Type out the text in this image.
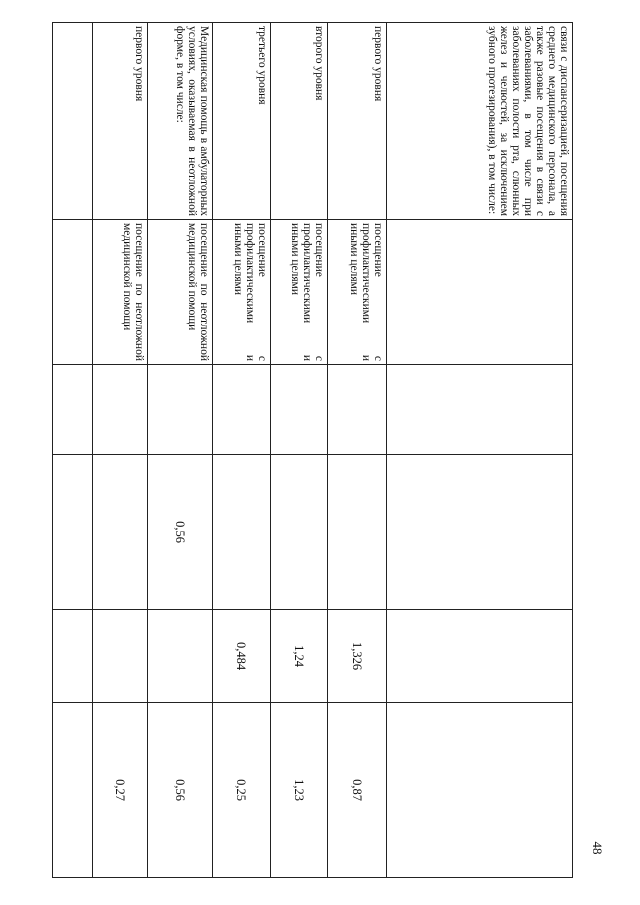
48
связи с диспансеризацией, посещения среднего медицинского персонала, а также разовые посещения в связи с заболеваниями, в том числе при заболеваниях полости рта, слюнных желез и челюстей, за исключением зубного протезирования), в том числе:					
первого уровня	посещение с профилактическими и иными целями			1,326	0,87
второго уровня	посещение с профилактическими и иными целями			1,24	1,23
третьего уровня	посещение с профилактическими и иными целями			0,484	0,25
Медицинская помощь в амбулаторных условиях, оказываемая в неотложной форме, в том числе:	посещение по неотложной медицинской помощи		0,56		0,56
первого уровня	посещение по неотложной медицинской помощи				0,27
